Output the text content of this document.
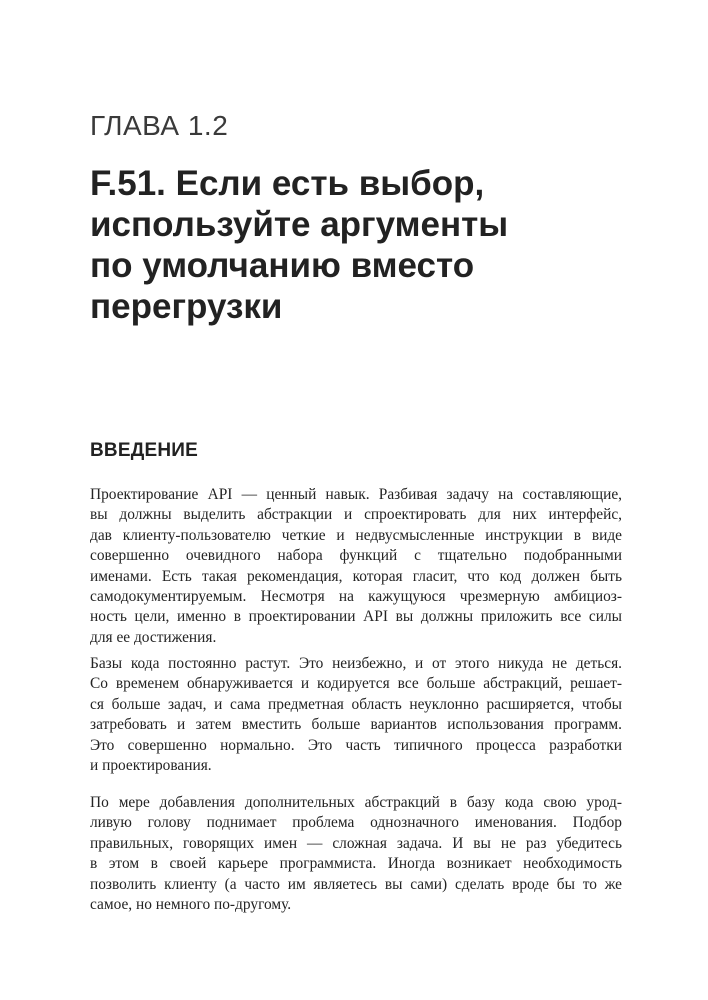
ГЛАВА 1.2
F.51. Если есть выбор,
используйте аргументы
по умолчанию вместо
перегрузки
ВВЕДЕНИЕ

Проектирование API — ценный навык. Разбивая задачу на составляющие,
вы должны выделить абстракции и спроектировать для них интерфейс,
дав клиенту-пользователю четкие и недвусмысленные инструкции в виде
совершенно очевидного набора функций с тщательно подобранными
именами. Есть такая рекомендация, которая гласит, что код должен быть
самодокументируемым. Несмотря на кажущуюся чрезмерную амбициоз-
ность цели, именно в проектировании API вы должны приложить все силы
для ее достижения.

Базы кода постоянно растут. Это неизбежно, и от этого никуда не деться.
Со временем обнаруживается и кодируется все больше абстракций, решает-
ся больше задач, и сама предметная область неуклонно расширяется, чтобы
затребовать и затем вместить больше вариантов использования программ.
Это совершенно нормально. Это часть типичного процесса разработки
и проектирования.

По мере добавления дополнительных абстракций в базу кода свою урод-
ливую голову поднимает проблема однозначного именования. Подбор
правильных, говорящих имен — сложная задача. И вы не раз убедитесь
в этом в своей карьере программиста. Иногда возникает необходимость
позволить клиенту (а часто им являетесь вы сами) сделать вроде бы то же
самое, но немного по-другому.
